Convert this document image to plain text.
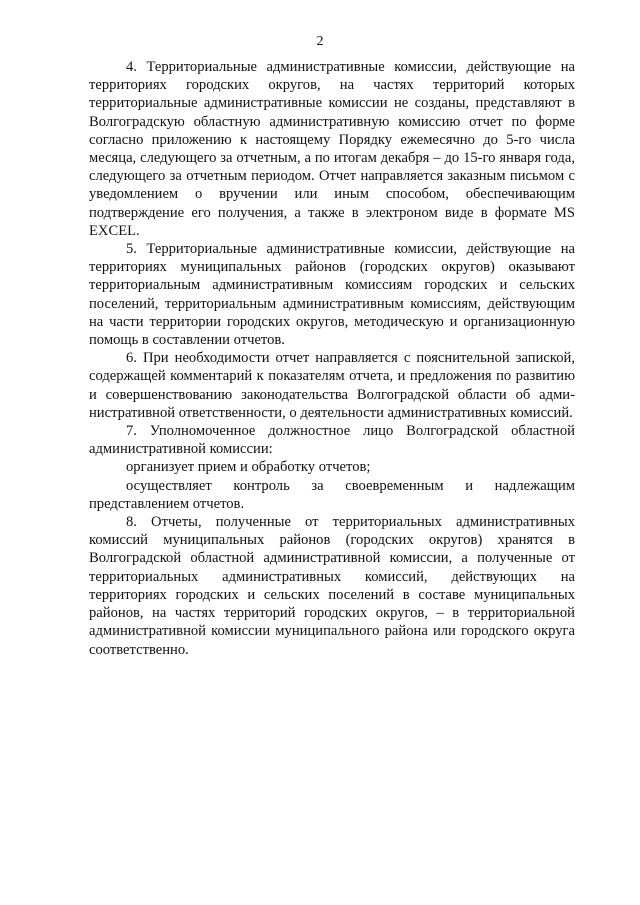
2

4. Территориальные административные комиссии, действующие на территориях городских округов, на частях территорий которых территориальные административные комиссии не созданы, представляют в Волгоградскую областную административную комиссию отчет по форме согласно приложению к настоящему Порядку ежемесячно до 5-го числа месяца, следующего за отчетным, а по итогам декабря – до 15-го января года, следующего за отчетным периодом. Отчет направляется заказным письмом с уведомлением о вручении или иным способом, обеспечивающим подтверждение его получения, а также в электроном виде в формате MS EXCEL.

5. Территориальные административные комиссии, действующие на территориях муниципальных районов (городских округов) оказывают территориальным административным комиссиям городских и сельских поселений, территориальным административным комиссиям, действующим на части территории городских округов, методическую и организационную помощь в составлении отчетов.

6. При необходимости отчет направляется с пояснительной запиской, содержащей комментарий к показателям отчета, и предложения по развитию и совершенствованию законодательства Волгоградской области об административной ответственности, о деятельности административных комиссий.

7. Уполномоченное должностное лицо Волгоградской областной административной комиссии:

организует прием и обработку отчетов;

осуществляет контроль за своевременным и надлежащим представлением отчетов.

8. Отчеты, полученные от территориальных административных комиссий муниципальных районов (городских округов) хранятся в Волгоградской областной административной комиссии, а полученные от территориальных административных комиссий, действующих на территориях городских и сельских поселений в составе муниципальных районов, на частях территорий городских округов, – в территориальной административной комиссии муниципального района или городского округа соответственно.
